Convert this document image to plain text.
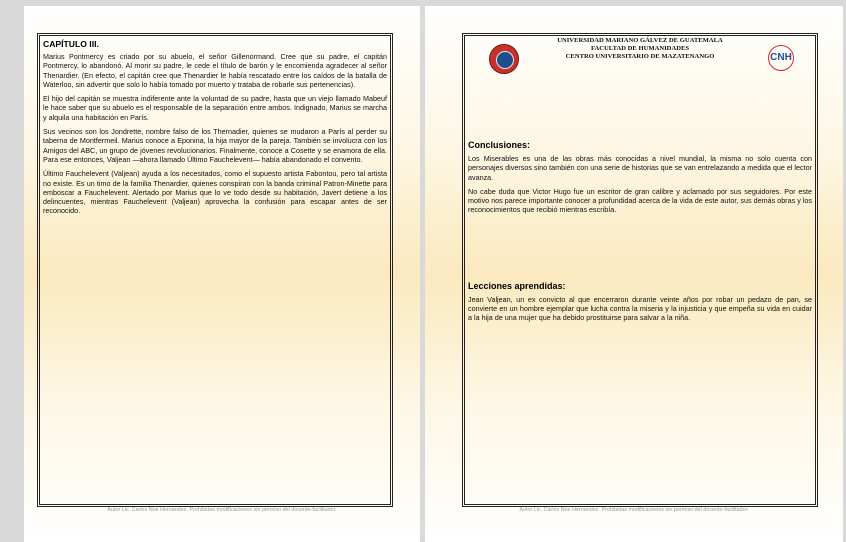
CAPÍTULO III.

Marius Pontmercy es criado por su abuelo, el señor Gillenormand. Cree que su padre, el capitán Pontmercy, lo abandonó. Al morir su padre, le cede el título de barón y le encomienda agradecer al señor Thenardier. (En efecto, el capitán cree que Thenardier le había rescatado entre los caídos de la batalla de Waterloo, sin advertir que solo lo había tomado por muerto y trataba de robarle sus pertenencias).

El hijo del capitán se muestra indiferente ante la voluntad de su padre, hasta que un viejo llamado Mabeuf le hace saber que su abuelo es el responsable de la separación entre ambos. Indignado, Marius se marcha y alquila una habitación en París.

Sus vecinos son los Jondrette, nombre falso de los Thernadier, quienes se mudaron a París al perder su taberna de Montfermeil. Marius conoce a Eponina, la hija mayor de la pareja. También se involucra con los Amigos del ABC, un grupo de jóvenes revolucionarios. Finalmente, conoce a Cosette y se enamora de ella. Para ese entonces, Valjean —ahora llamado Último Fauchelevent— había abandonado el convento.

Último Fauchelevent (Valjean) ayuda a los necesitados, como el supuesto artista Fabontou, pero tal artista no existe. Es un timo de la familia Thenardier, quienes conspiran con la banda criminal Patron-Minette para emboscar a Fauchelevent. Alertado por Marius que lo ve todo desde su habitación, Javert detiene a los delincuentes, mientras Fauchelevent (Valjean) aprovecha la confusión para escapar antes de ser reconocido.

Autor Lic. Carlos Noe Hernandez. Prohibidas modificaciones sin permiso del docente-facilitador.
UNIVERSIDAD MARIANO GÁLVEZ DE GUATEMALA
FACULTAD DE HUMANIDADES
CENTRO UNIVERSITARIO DE MAZATENANGO	CNH
Conclusiones:

Los Miserables es una de las obras más conocidas a nivel mundial, la misma no solo cuenta con personajes diversos sino también con una serie de historias que se van entrelazando a medida que el lector avanza.

No cabe duda que Victor Hugo fue un escritor de gran calibre y aclamado por sus seguidores. Por este motivo nos parece importante conocer a profundidad acerca de la vida de este autor, sus demás obras y los reconocimientos que recibió mientras escribía.

Lecciones aprendidas:

Jean Valjean, un ex convicto al que encerraron durante veinte años por robar un pedazo de pan, se convierte en un hombre ejemplar que lucha contra la miseria y la injusticia y que empeña su vida en cuidar a la hija de una mujer que ha debido prostituirse para salvar a la niña.

Autor Lic. Carlos Noe Hernandez. Prohibidas modificaciones sin permiso del docente-facilitador.
